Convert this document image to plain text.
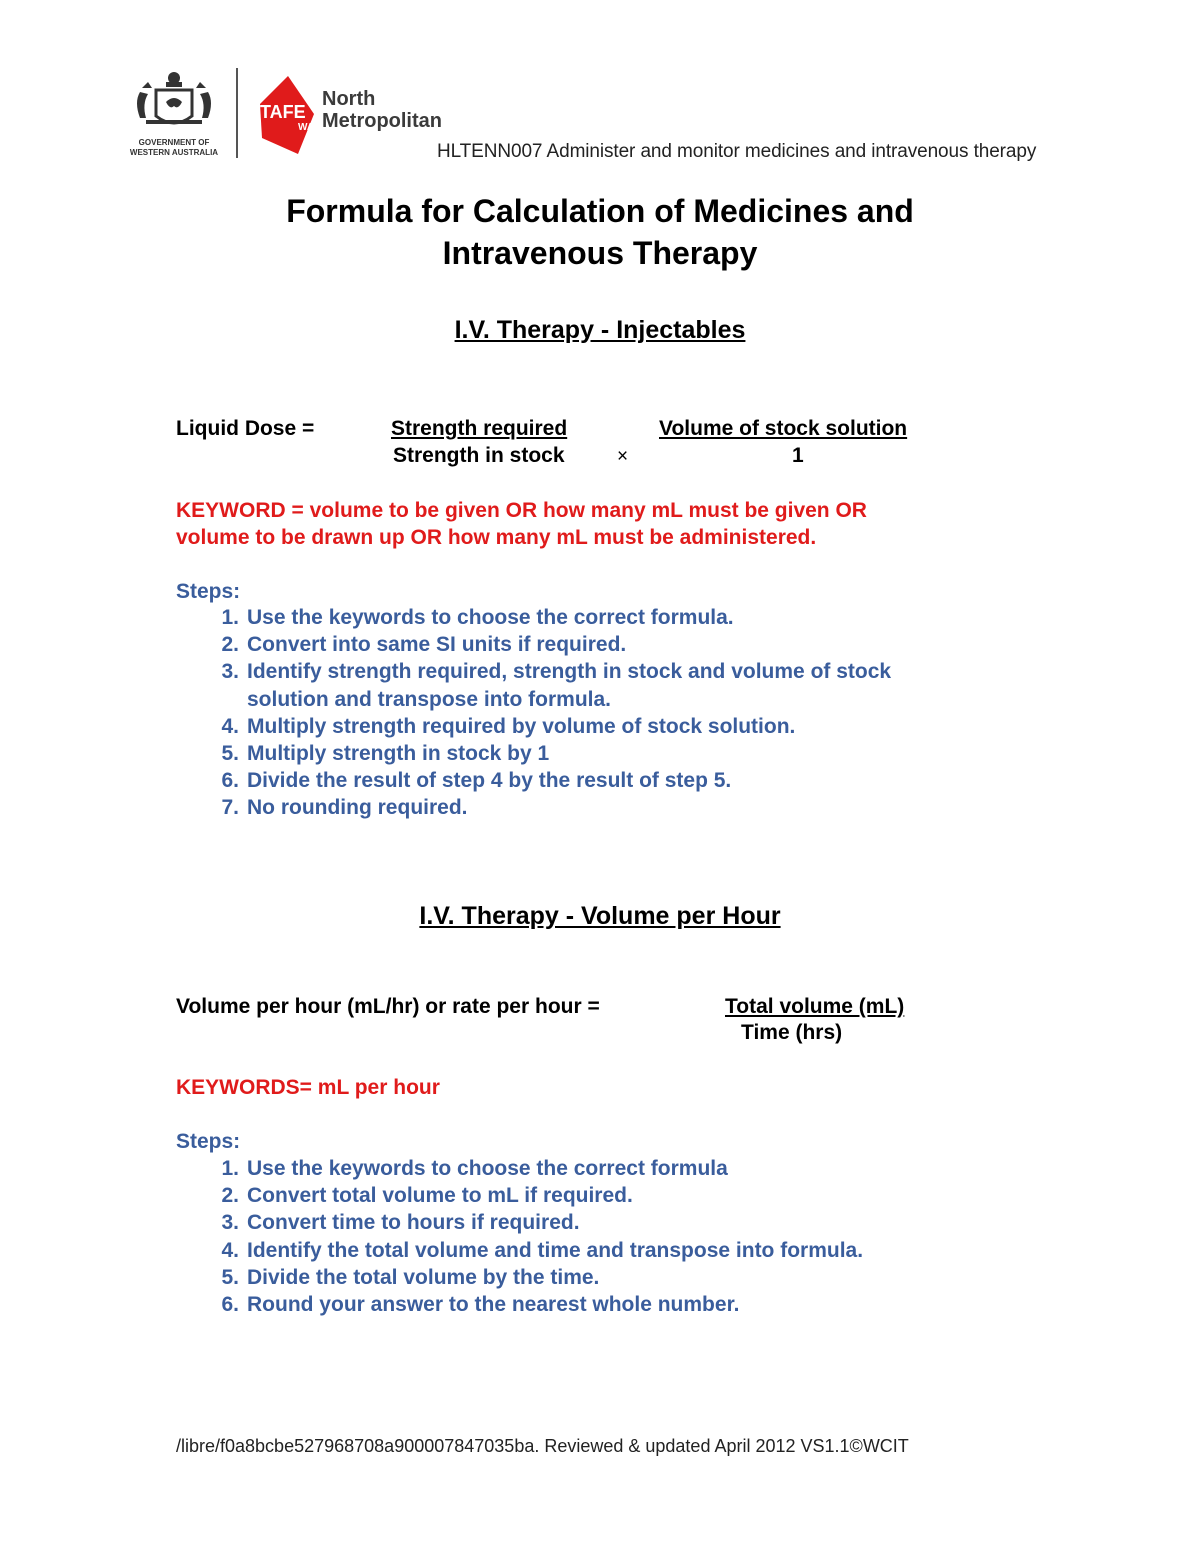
GOVERNMENT OF
WESTERN AUSTRALIA
TAFE
WA
North
Metropolitan
HLTENN007 Administer and monitor medicines and intravenous therapy
Formula for Calculation of Medicines and
Intravenous Therapy
I.V. Therapy - Injectables
Liquid Dose =	Strength required
Strength in stock	×
Volume of stock solution
1
KEYWORD = volume to be given OR how many mL must be given OR
volume to be drawn up OR how many mL must be administered.
Steps:
1. Use the keywords to choose the correct formula.
2. Convert into same SI units if required.
3. Identify strength required, strength in stock and volume of stock
solution and transpose into formula.
4. Multiply strength required by volume of stock solution.
5. Multiply strength in stock by 1
6. Divide the result of step 4 by the result of step 5.
7. No rounding required.
I.V. Therapy - Volume per Hour
Volume per hour (mL/hr) or rate per hour =	Total volume (mL)
Time (hrs)
KEYWORDS= mL per hour
Steps:
1. Use the keywords to choose the correct formula
2. Convert total volume to mL if required.
3. Convert time to hours if required.
4. Identify the total volume and time and transpose into formula.
5. Divide the total volume by the time.
6. Round your answer to the nearest whole number.
/libre/f0a8bcbe527968708a900007847035ba. Reviewed & updated April 2012 VS1.1©WCIT
